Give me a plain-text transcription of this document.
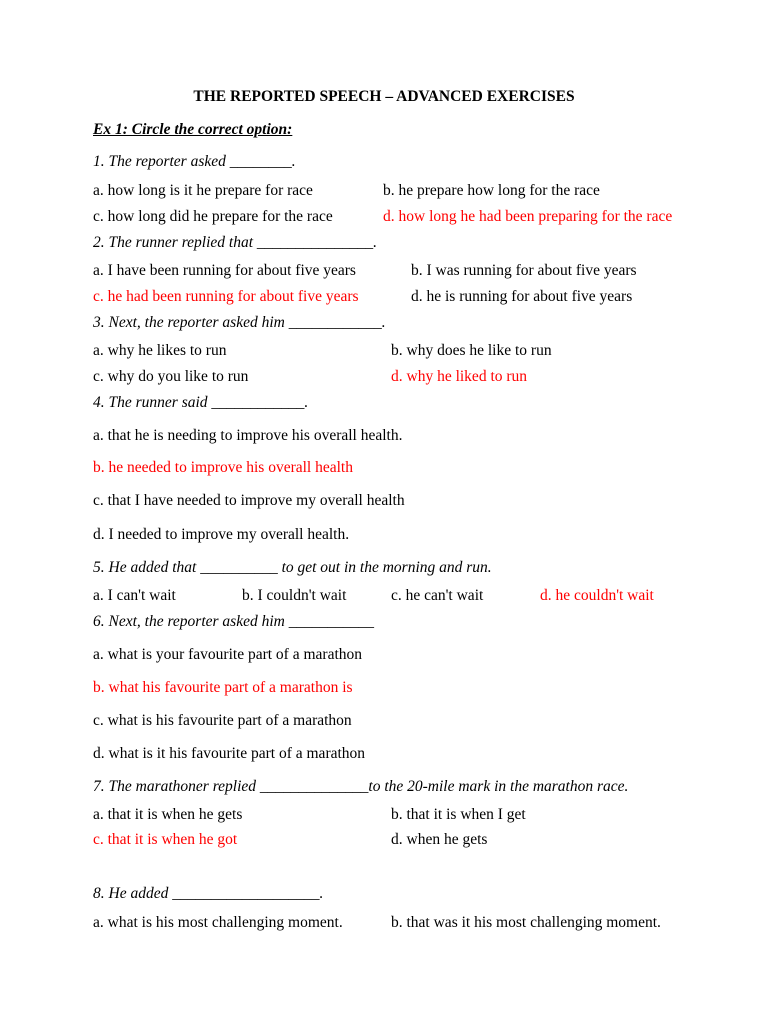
THE REPORTED SPEECH – ADVANCED EXERCISES
Ex 1: Circle the correct option:
1. The reporter asked ________.
a. how long is it he prepare for race	b. he prepare how long for the race
c. how long did he prepare for the race	d. how long he had been preparing for the race
2. The runner replied that _______________.
a. I have been running for about five years	b. I was running for about five years
c. he had been running for about five years	d. he is running for about five years
3. Next, the reporter asked him ____________.
a. why he likes to run	b. why does he like to run
c. why do you like to run	d. why he liked to run
4. The runner said ____________.
a. that he is needing to improve his overall health.
b. he needed to improve his overall health
c. that I have needed to improve my overall health
d. I needed to improve my overall health.
5. He added that __________ to get out in the morning and run.
a. I can't wait	b. I couldn't wait	c. he can't wait	d. he couldn't wait
6. Next, the reporter asked him ___________
a. what is your favourite part of a marathon
b. what his favourite part of a marathon is
c. what is his favourite part of a marathon
d. what is it his favourite part of a marathon
7. The marathoner replied ______________to the 20-mile mark in the marathon race.
a. that it is when he gets	b. that it is when I get
c. that it is when he got	d. when he gets
8. He added ___________________.
a. what is his most challenging moment.	b. that was it his most challenging moment.
